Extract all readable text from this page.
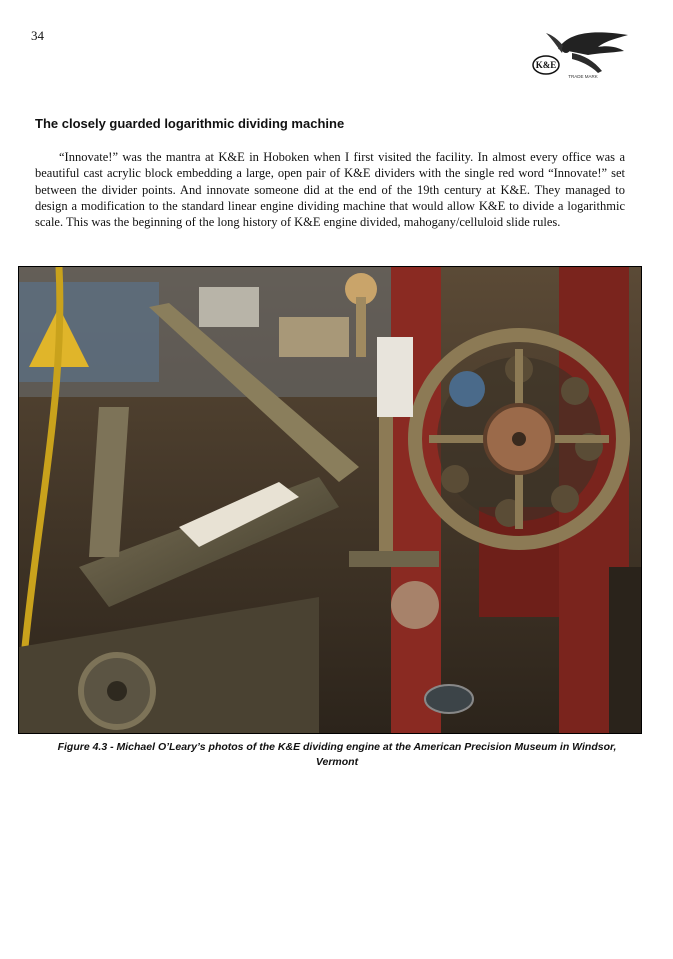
34
K&E
TRADE MARK
The closely guarded logarithmic dividing machine

“Innovate!” was the mantra at K&E in Hoboken when I first visited the facility. In almost every office was a beautiful cast acrylic block embedding a large, open pair of K&E dividers with the single red word “Innovate!” set between the divider points. And innovate someone did at the end of the 19th century at K&E. They managed to design a modification to the standard linear engine dividing machine that would allow K&E to divide a logarithmic scale. This was the beginning of the long history of K&E engine divided, mahogany/celluloid slide rules.

Figure 4.3 - Michael O’Leary’s photos of the K&E dividing engine at the American Precision Museum in Windsor, Vermont
